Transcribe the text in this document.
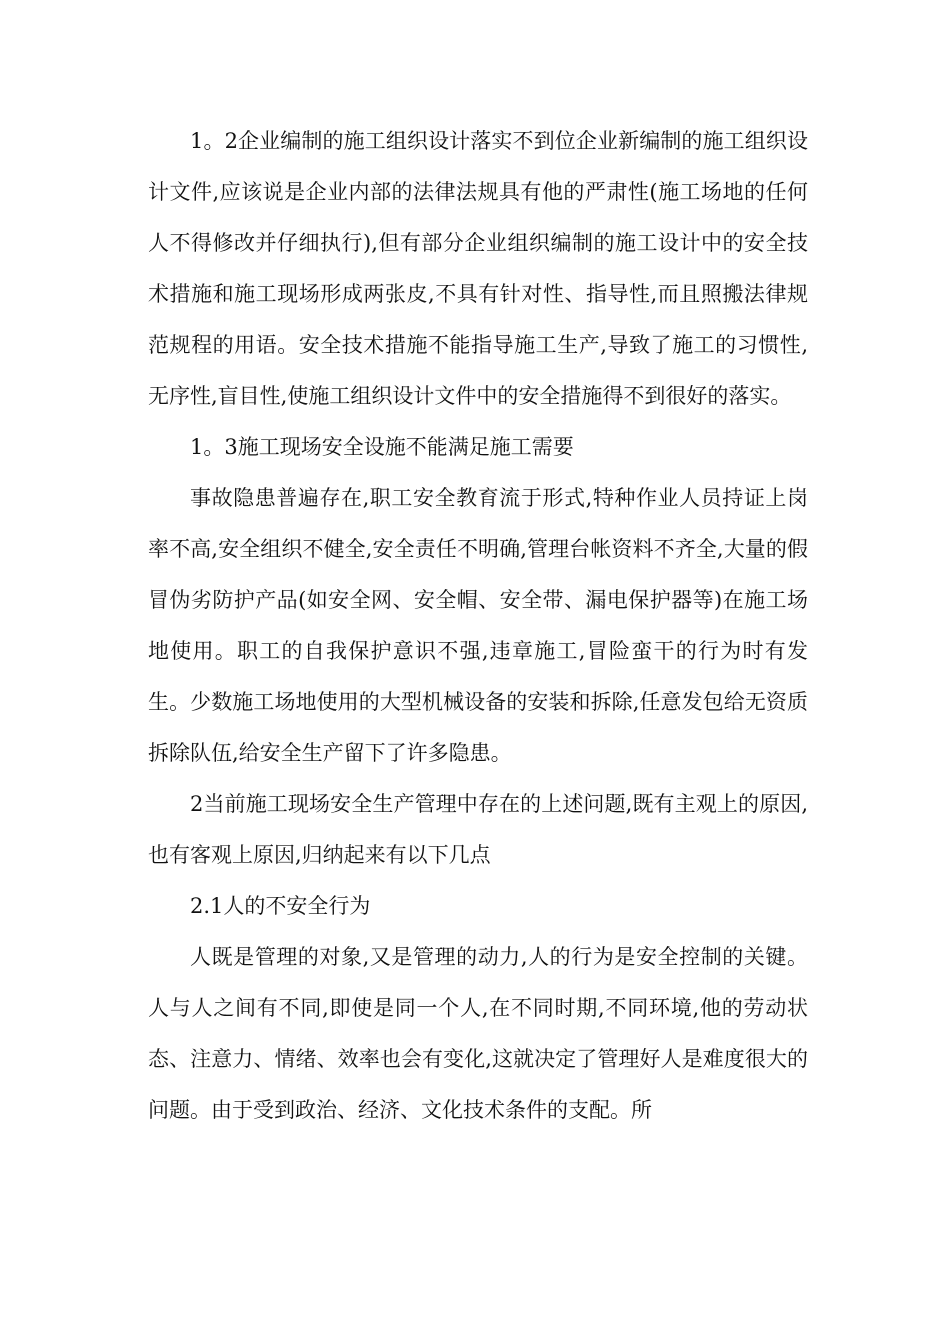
1。2企业编制的施工组织设计落实不到位企业新编制的施工组织设计文件,应该说是企业内部的法律法规具有他的严肃性(施工场地的任何人不得修改并仔细执行),但有部分企业组织编制的施工设计中的安全技术措施和施工现场形成两张皮,不具有针对性、指导性,而且照搬法律规范规程的用语。安全技术措施不能指导施工生产,导致了施工的习惯性,无序性,盲目性,使施工组织设计文件中的安全措施得不到很好的落实。

1。3施工现场安全设施不能满足施工需要

事故隐患普遍存在,职工安全教育流于形式,特种作业人员持证上岗率不高,安全组织不健全,安全责任不明确,管理台帐资料不齐全,大量的假冒伪劣防护产品(如安全网、安全帽、安全带、漏电保护器等)在施工场地使用。职工的自我保护意识不强,违章施工,冒险蛮干的行为时有发生。少数施工场地使用的大型机械设备的安装和拆除,任意发包给无资质拆除队伍,给安全生产留下了许多隐患。

2当前施工现场安全生产管理中存在的上述问题,既有主观上的原因,也有客观上原因,归纳起来有以下几点

2.1人的不安全行为

人既是管理的对象,又是管理的动力,人的行为是安全控制的关键。人与人之间有不同,即使是同一个人,在不同时期,不同环境,他的劳动状态、注意力、情绪、效率也会有变化,这就决定了管理好人是难度很大的问题。由于受到政治、经济、文化技术条件的支配。所
